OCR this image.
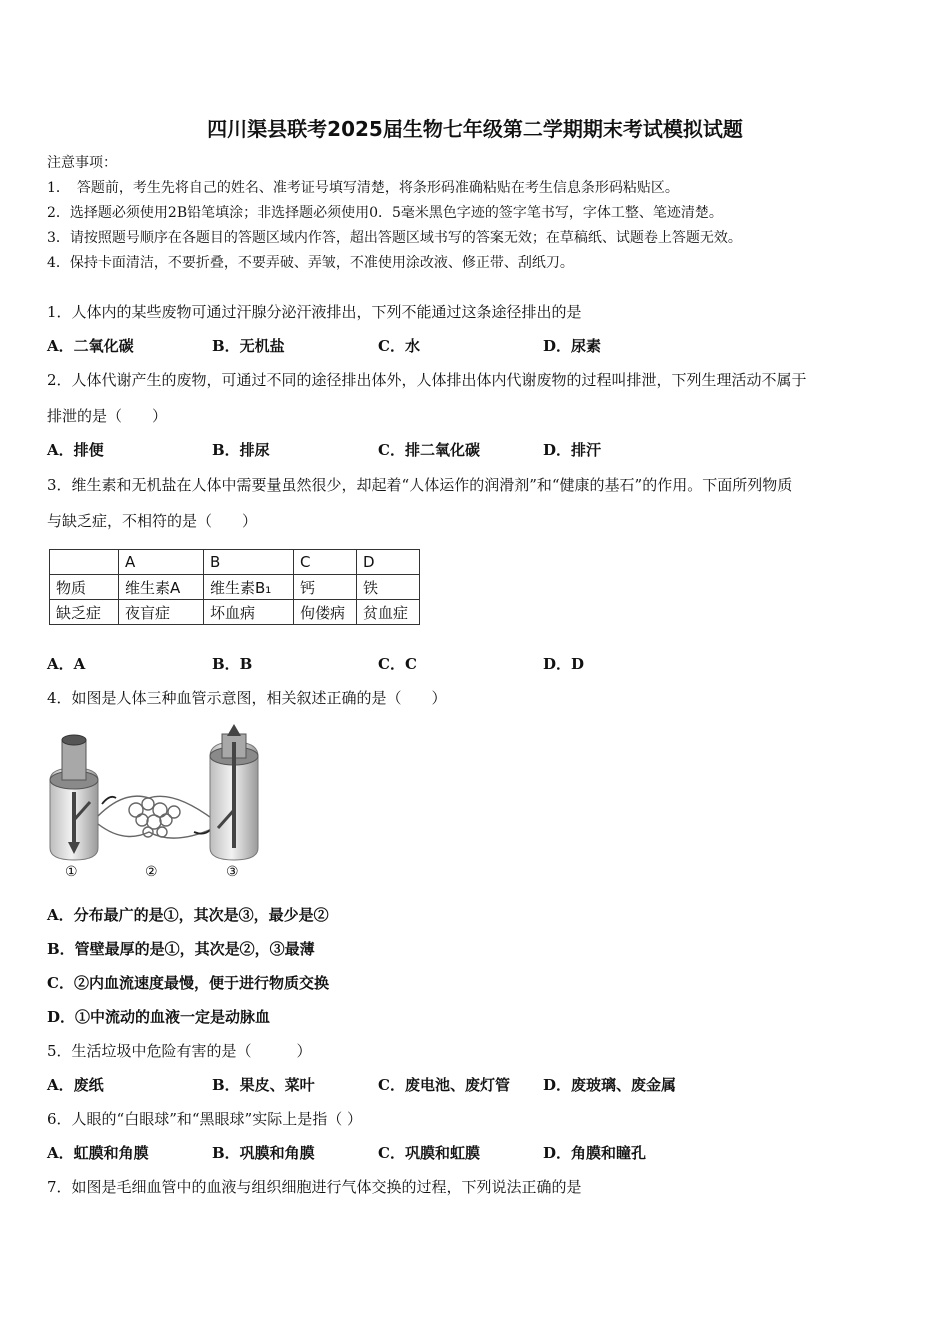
四川渠县联考2025届生物七年级第二学期期末考试模拟试题
注意事项：
1．　答题前，考生先将自己的姓名、准考证号填写清楚，将条形码准确粘贴在考生信息条形码粘贴区。
2．选择题必须使用2B铅笔填涂；非选择题必须使用0．5毫米黑色字迹的签字笔书写，字体工整、笔迹清楚。
3．请按照题号顺序在各题目的答题区域内作答，超出答题区域书写的答案无效；在草稿纸、试题卷上答题无效。
4．保持卡面清洁，不要折叠，不要弄破、弄皱，不准使用涂改液、修正带、刮纸刀。
1．人体内的某些废物可通过汗腺分泌汗液排出，下列不能通过这条途径排出的是
A．二氧化碳	B．无机盐	C．水	D．尿素
2．人体代谢产生的废物，可通过不同的途径排出体外，人体排出体内代谢废物的过程叫排泄，下列生理活动不属于
排泄的是（　　）
A．排便	B．排尿	C．排二氧化碳	D．排汗
3．维生素和无机盐在人体中需要量虽然很少，却起着“人体运作的润滑剂”和“健康的基石”的作用。下面所列物质
与缺乏症，不相符的是（　　）
	A	B	C	D
物质	维生素A	维生素B₁	钙	铁
缺乏症	夜盲症	坏血病	佝偻病	贫血症
A．A	B．B	C．C	D．D
4．如图是人体三种血管示意图，相关叙述正确的是（　　）
①	②	③
A．分布最广的是①，其次是③，最少是②
B．管壁最厚的是①，其次是②，③最薄
C．②内血流速度最慢，便于进行物质交换
D．①中流动的血液一定是动脉血
5．生活垃圾中危险有害的是（　　　）
A．废纸	B．果皮、菜叶	C．废电池、废灯管 D．废玻璃、废金属
6．人眼的“白眼球”和“黑眼球”实际上是指（ ）
A．虹膜和角膜	B．巩膜和角膜	C．巩膜和虹膜	D．角膜和瞳孔
7．如图是毛细血管中的血液与组织细胞进行气体交换的过程，下列说法正确的是
